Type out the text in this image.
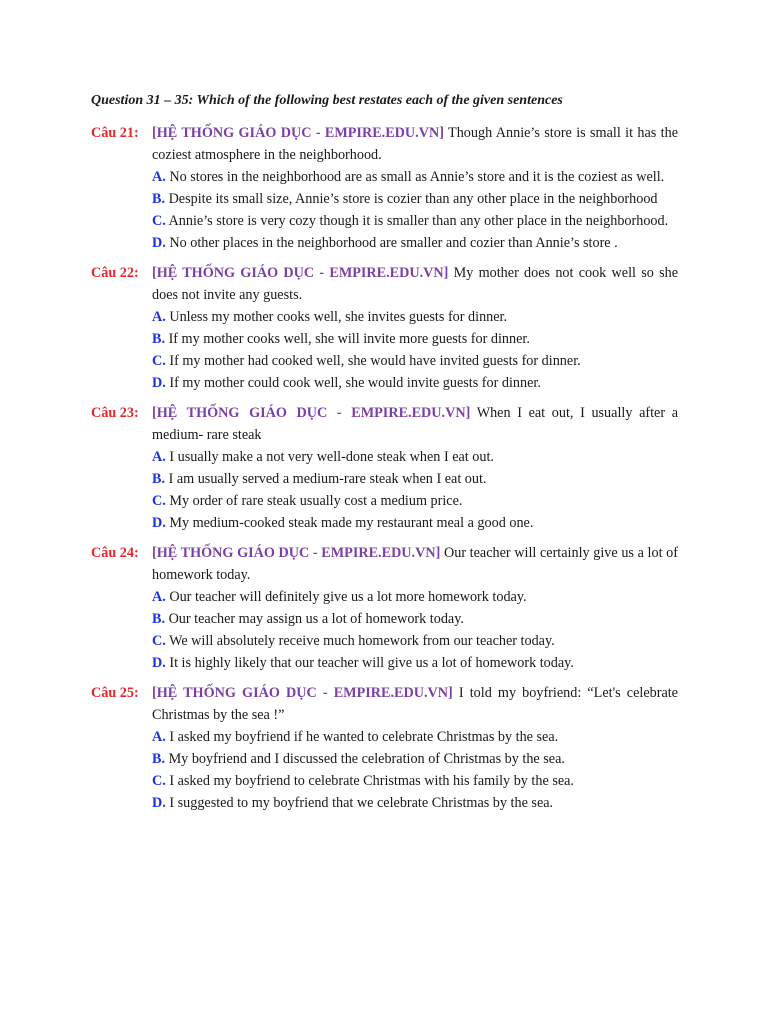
Question 31 – 35: Which of the following best restates each of the given sentences
Câu 21: [HỆ THỐNG GIÁO DỤC - EMPIRE.EDU.VN] Though Annie’s store is small it has the coziest atmosphere in the neighborhood.
A. No stores in the neighborhood are as small as Annie’s store and it is the coziest as well.
B. Despite its small size, Annie’s store is cozier than any other place in the neighborhood
C. Annie’s store is very cozy though it is smaller than any other place in the neighborhood.
D. No other places in the neighborhood are smaller and cozier than Annie’s store .
Câu 22: [HỆ THỐNG GIÁO DỤC - EMPIRE.EDU.VN] My mother does not cook well so she does not invite any guests.
A. Unless my mother cooks well, she invites guests for dinner.
B. If my mother cooks well, she will invite more guests for dinner.
C. If my mother had cooked well, she would have invited guests for dinner.
D. If my mother could cook well, she would invite guests for dinner.
Câu 23: [HỆ THỐNG GIÁO DỤC - EMPIRE.EDU.VN] When I eat out, I usually after a medium- rare steak
A. I usually make a not very well-done steak when I eat out.
B. I am usually served a medium-rare steak when I eat out.
C. My order of rare steak usually cost a medium price.
D. My medium-cooked steak made my restaurant meal a good one.
Câu 24: [HỆ THỐNG GIÁO DỤC - EMPIRE.EDU.VN] Our teacher will certainly give us a lot of homework today.
A. Our teacher will definitely give us a lot more homework today.
B. Our teacher may assign us a lot of homework today.
C. We will absolutely receive much homework from our teacher today.
D. It is highly likely that our teacher will give us a lot of homework today.
Câu 25: [HỆ THỐNG GIÁO DỤC - EMPIRE.EDU.VN] I told my boyfriend: “Let's celebrate Christmas by the sea !”
A. I asked my boyfriend if he wanted to celebrate Christmas by the sea.
B. My boyfriend and I discussed the celebration of Christmas by the sea.
C. I asked my boyfriend to celebrate Christmas with his family by the sea.
D. I suggested to my boyfriend that we celebrate Christmas by the sea.
